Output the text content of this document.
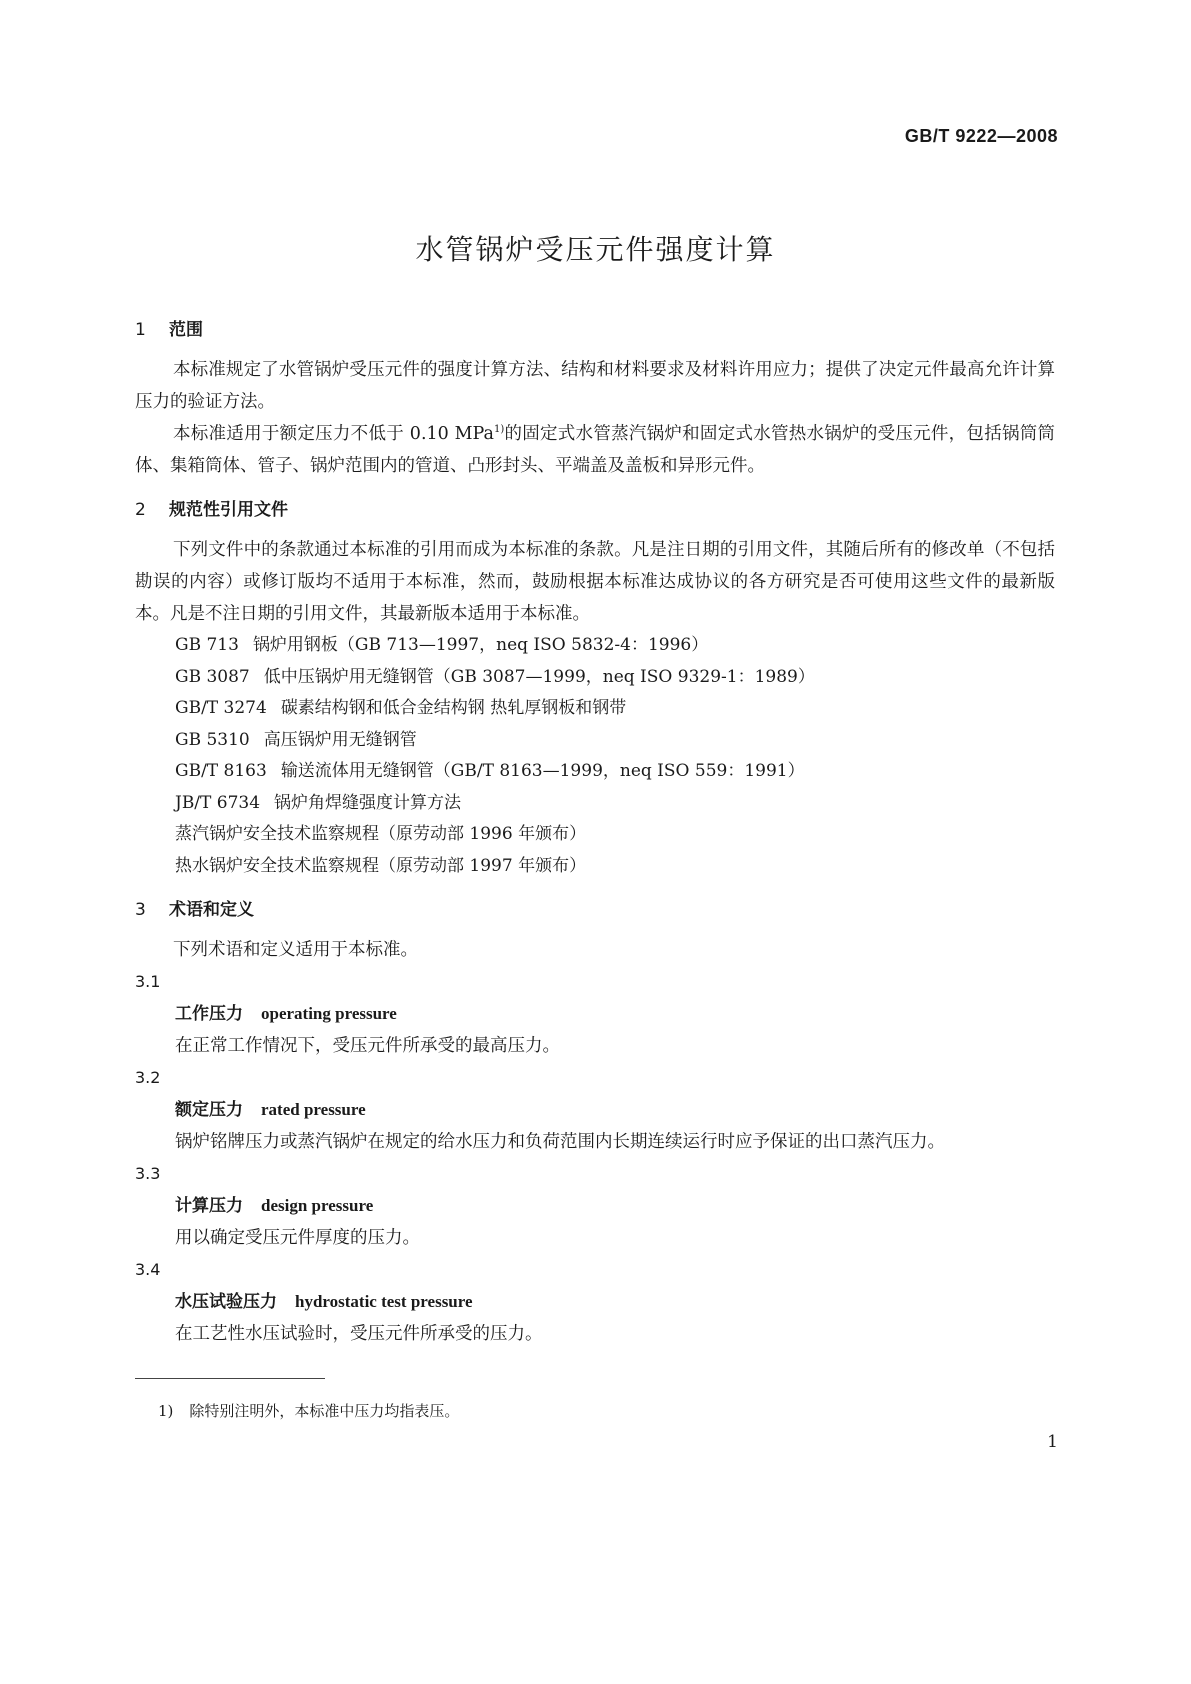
GB/T 9222—2008
水管锅炉受压元件强度计算
1 范围

本标准规定了水管锅炉受压元件的强度计算方法、结构和材料要求及材料许用应力；提供了决定元件最高允许计算压力的验证方法。

本标准适用于额定压力不低于 0.10 MPa$^{1)}$的固定式水管蒸汽锅炉和固定式水管热水锅炉的受压元件，包括锅筒筒体、集箱筒体、管子、锅炉范围内的管道、凸形封头、平端盖及盖板和异形元件。

2 规范性引用文件

下列文件中的条款通过本标准的引用而成为本标准的条款。凡是注日期的引用文件，其随后所有的修改单（不包括勘误的内容）或修订版均不适用于本标准，然而，鼓励根据本标准达成协议的各方研究是否可使用这些文件的最新版本。凡是不注日期的引用文件，其最新版本适用于本标准。

GB 713 锅炉用钢板（GB 713—1997，neq ISO 5832-4：1996）

GB 3087 低中压锅炉用无缝钢管（GB 3087—1999，neq ISO 9329-1：1989）

GB/T 3274 碳素结构钢和低合金结构钢 热轧厚钢板和钢带

GB 5310 高压锅炉用无缝钢管

GB/T 8163 输送流体用无缝钢管（GB/T 8163—1999，neq ISO 559：1991）

JB/T 6734 锅炉角焊缝强度计算方法

蒸汽锅炉安全技术监察规程（原劳动部 1996 年颁布）

热水锅炉安全技术监察规程（原劳动部 1997 年颁布）

3 术语和定义

下列术语和定义适用于本标准。

3.1

工作压力 operating pressure

在正常工作情况下，受压元件所承受的最高压力。

3.2

额定压力 rated pressure

锅炉铭牌压力或蒸汽锅炉在规定的给水压力和负荷范围内长期连续运行时应予保证的出口蒸汽压力。

3.3

计算压力 design pressure

用以确定受压元件厚度的压力。

3.4

水压试验压力 hydrostatic test pressure

在工艺性水压试验时，受压元件所承受的压力。

1) 除特别注明外，本标准中压力均指表压。
1
